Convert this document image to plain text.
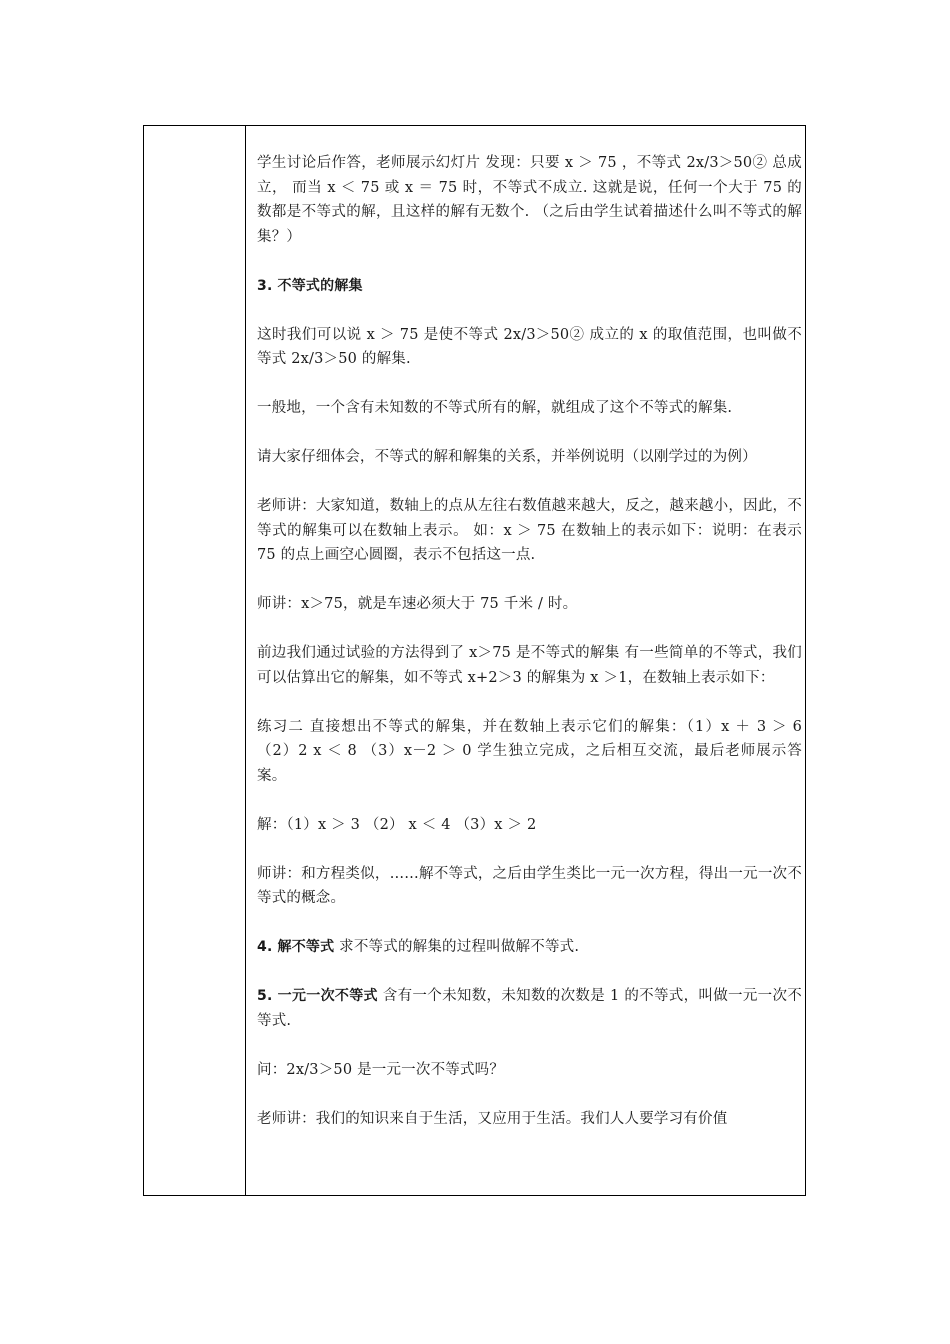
学生讨论后作答，老师展示幻灯片 发现：只要 x ＞ 75 ，不等式 2x/3＞50② 总成立， 而当 x ＜ 75 或 x ＝ 75 时，不等式不成立. 这就是说，任何一个大于 75 的数都是不等式的解，且这样的解有无数个. （之后由学生试着描述什么叫不等式的解集？）

3. 不等式的解集

这时我们可以说 x ＞ 75 是使不等式 2x/3＞50② 成立的 x 的取值范围，也叫做不等式 2x/3＞50 的解集.

一般地，一个含有未知数的不等式所有的解，就组成了这个不等式的解集.

请大家仔细体会，不等式的解和解集的关系，并举例说明（以刚学过的为例）

老师讲：大家知道，数轴上的点从左往右数值越来越大，反之，越来越小，因此，不等式的解集可以在数轴上表示。 如：x ＞ 75 在数轴上的表示如下：说明：在表示 75 的点上画空心圆圈，表示不包括这一点.

师讲：x＞75，就是车速必须大于 75 千米 / 时。

前边我们通过试验的方法得到了 x＞75 是不等式的解集 有一些简单的不等式，我们可以估算出它的解集，如不等式 x+2＞3 的解集为 x ＞1，在数轴上表示如下：

练习二 直接想出不等式的解集，并在数轴上表示它们的解集：（1）x ＋ 3 ＞ 6 （2）2 x ＜ 8 （3）x－2 ＞ 0 学生独立完成，之后相互交流，最后老师展示答案。

解：（1）x ＞ 3 （2） x ＜ 4 （3）x ＞ 2

师讲：和方程类似，……解不等式，之后由学生类比一元一次方程，得出一元一次不等式的概念。

4. 解不等式 求不等式的解集的过程叫做解不等式.

5. 一元一次不等式 含有一个未知数，未知数的次数是 1 的不等式，叫做一元一次不等式.

问：2x/3＞50 是一元一次不等式吗？

老师讲：我们的知识来自于生活，又应用于生活。我们人人要学习有价值
